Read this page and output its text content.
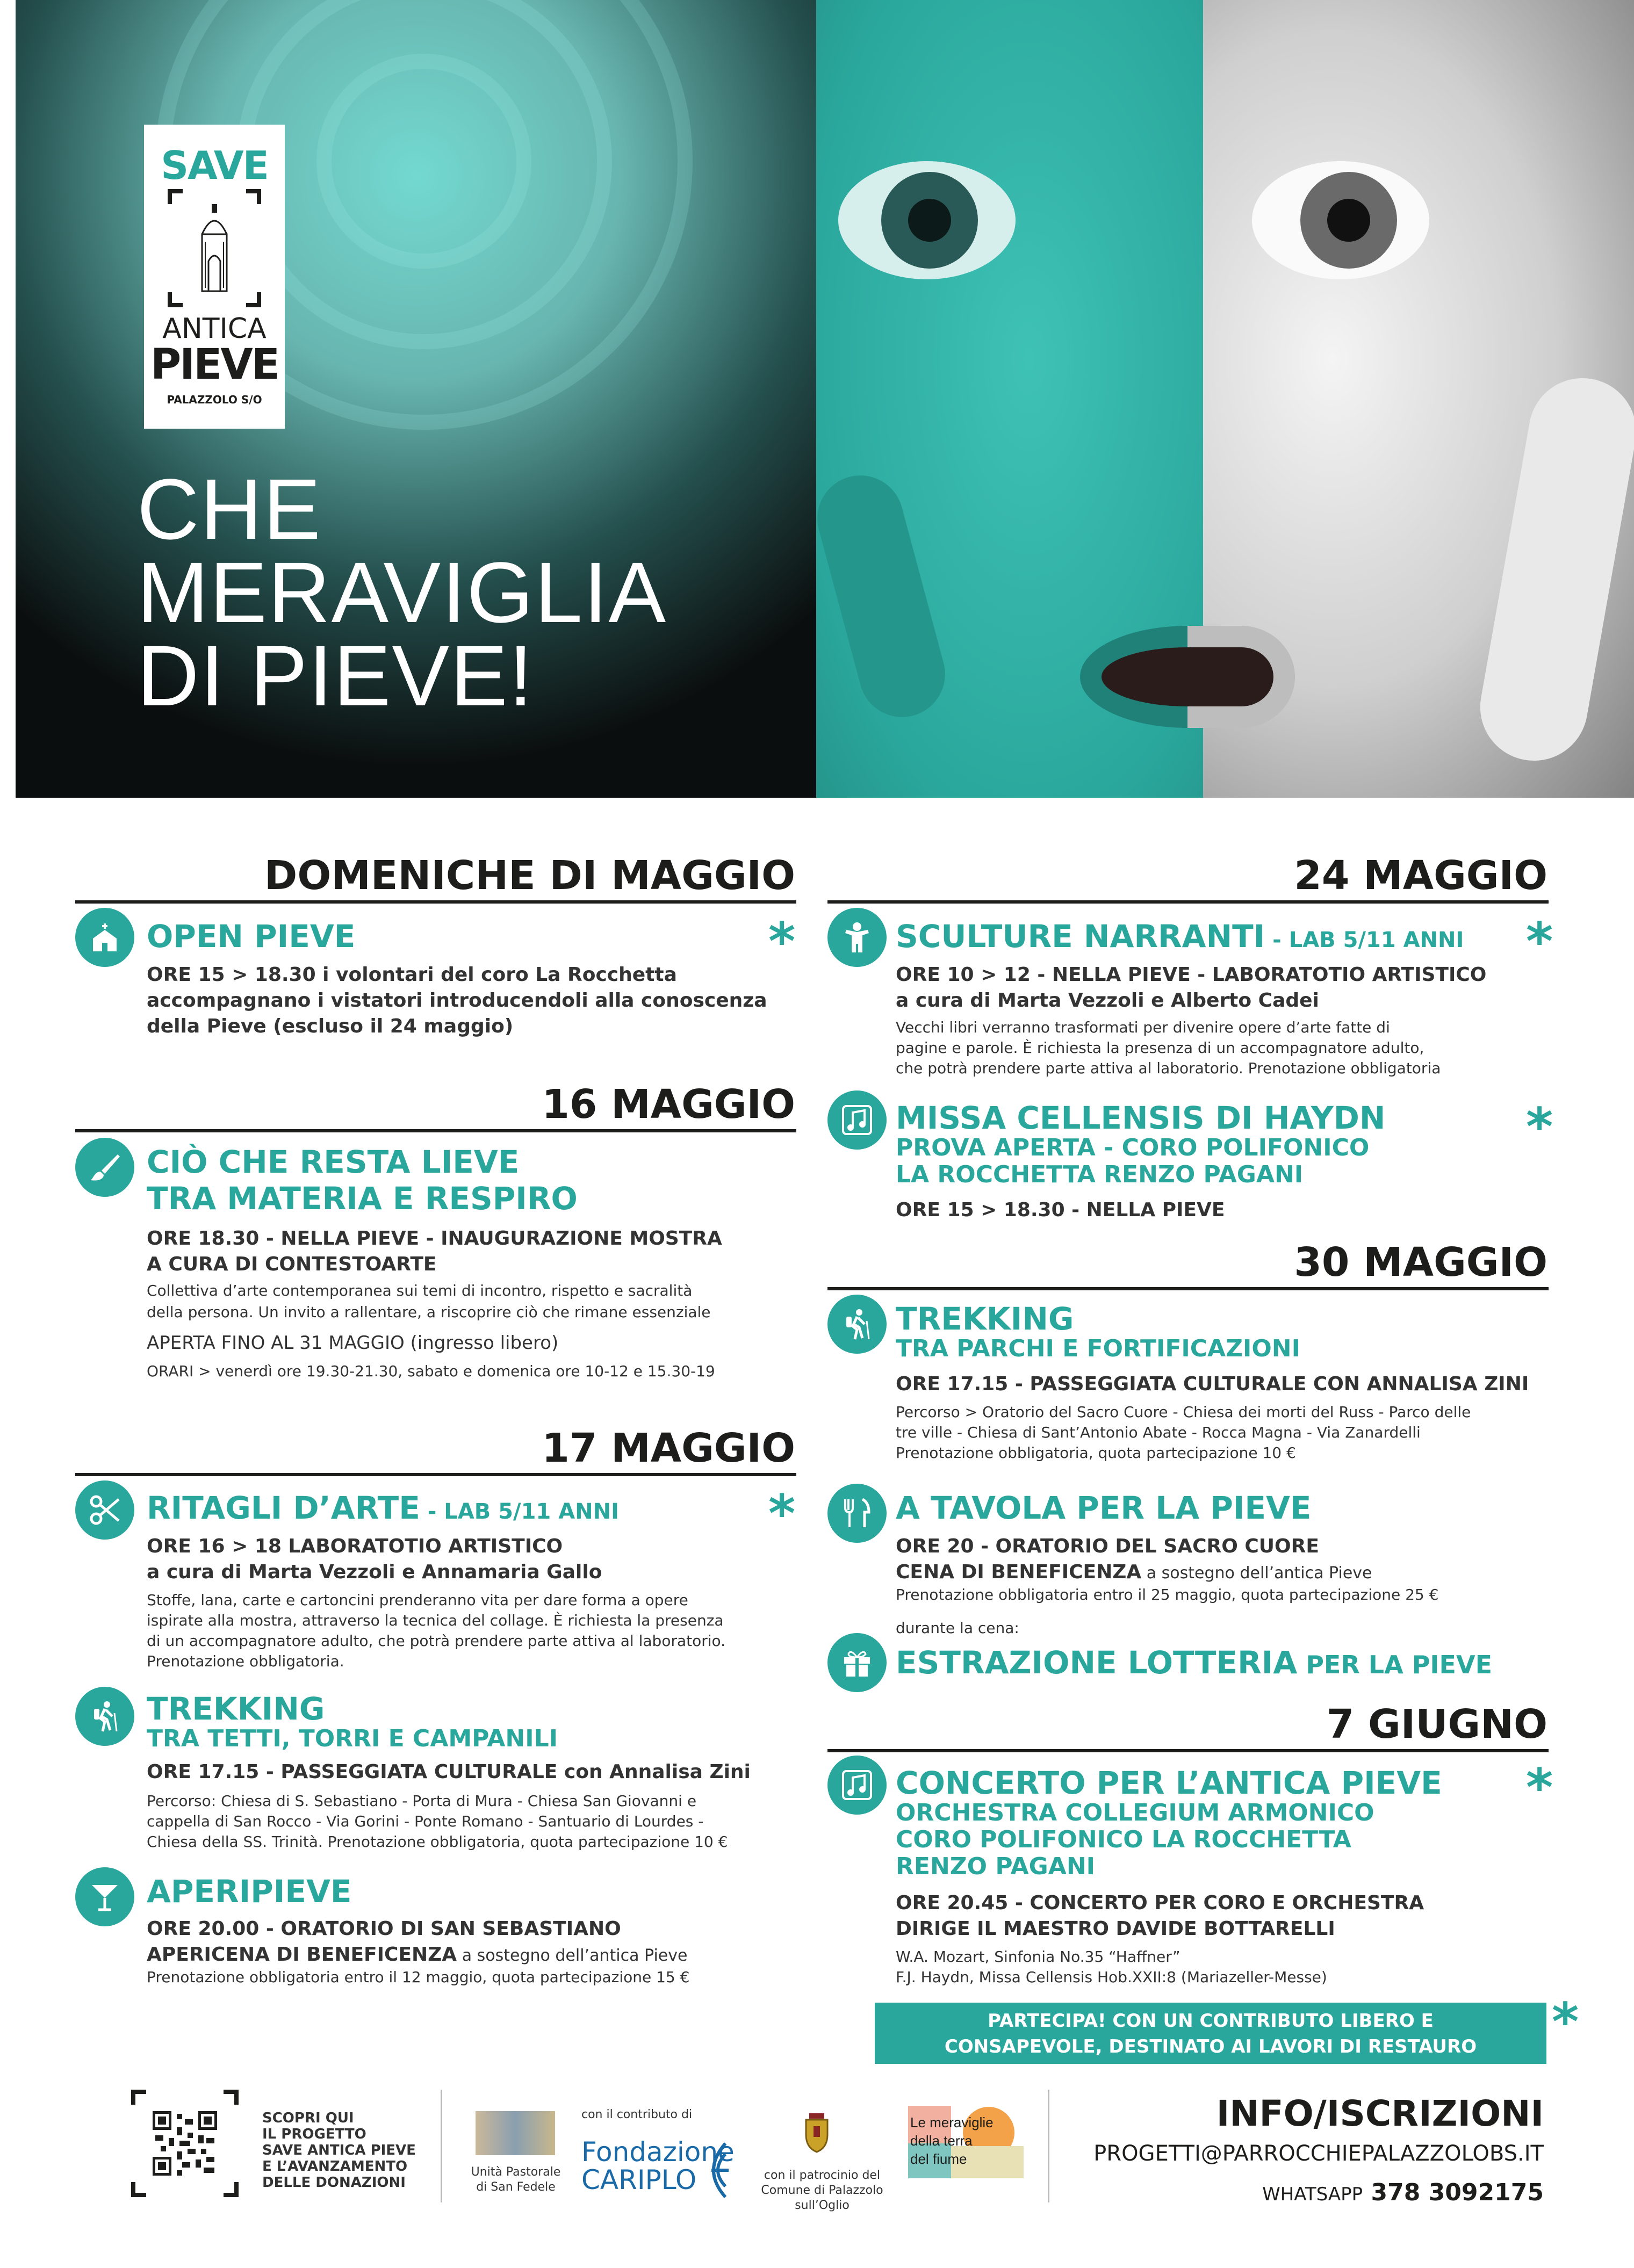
SAVE
ANTICA
PIEVE
PALAZZOLO S/O
CHE
MERAVIGLIA
DI PIEVE!
DOMENICHE DI MAGGIO
OPEN PIEVE	*
ORE 15 > 18.30 i volontari del coro La Rocchetta
accompagnano i vistatori introducendoli alla conoscenza
della Pieve (escluso il 24 maggio)
16 MAGGIO
CIÒ CHE RESTA LIEVE
TRA MATERIA E RESPIRO
ORE 18.30 - NELLA PIEVE - INAUGURAZIONE MOSTRA
A CURA DI CONTESTOARTE
Collettiva d’arte contemporanea sui temi di incontro, rispetto e sacralità
della persona. Un invito a rallentare, a riscoprire ciò che rimane essenziale
APERTA FINO AL 31 MAGGIO (ingresso libero)
ORARI > venerdì ore 19.30-21.30, sabato e domenica ore 10-12 e 15.30-19
17 MAGGIO
RITAGLI D’ARTE - LAB 5/11 ANNI	*
ORE 16 > 18 LABORATOTIO ARTISTICO
a cura di Marta Vezzoli e Annamaria Gallo
Stoffe, lana, carte e cartoncini prenderanno vita per dare forma a opere
ispirate alla mostra, attraverso la tecnica del collage. È richiesta la presenza
di un accompagnatore adulto, che potrà prendere parte attiva al laboratorio.
Prenotazione obbligatoria.
TREKKING
TRA TETTI, TORRI E CAMPANILI
ORE 17.15 - PASSEGGIATA CULTURALE con Annalisa Zini
Percorso: Chiesa di S. Sebastiano - Porta di Mura - Chiesa San Giovanni e
cappella di San Rocco - Via Gorini - Ponte Romano - Santuario di Lourdes -
Chiesa della SS. Trinità. Prenotazione obbligatoria, quota partecipazione 10 €
APERIPIEVE
ORE 20.00 - ORATORIO DI SAN SEBASTIANO
APERICENA DI BENEFICENZA a sostegno dell’antica Pieve
Prenotazione obbligatoria entro il 12 maggio, quota partecipazione 15 €
24 MAGGIO
SCULTURE NARRANTI - LAB 5/11 ANNI *
ORE 10 > 12 - NELLA PIEVE - LABORATOTIO ARTISTICO
a cura di Marta Vezzoli e Alberto Cadei
Vecchi libri verranno trasformati per divenire opere d’arte fatte di
pagine e parole. È richiesta la presenza di un accompagnatore adulto,
che potrà prendere parte attiva al laboratorio. Prenotazione obbligatoria
MISSA CELLENSIS DI HAYDN	*
PROVA APERTA - CORO POLIFONICO
LA ROCCHETTA RENZO PAGANI
ORE 15 > 18.30 - NELLA PIEVE
30 MAGGIO
TREKKING
TRA PARCHI E FORTIFICAZIONI
ORE 17.15 - PASSEGGIATA CULTURALE CON ANNALISA ZINI
Percorso > Oratorio del Sacro Cuore - Chiesa dei morti del Russ - Parco delle
tre ville - Chiesa di Sant’Antonio Abate - Rocca Magna - Via Zanardelli
Prenotazione obbligatoria, quota partecipazione 10 €
A TAVOLA PER LA PIEVE
ORE 20 - ORATORIO DEL SACRO CUORE
CENA DI BENEFICENZA a sostegno dell’antica Pieve
Prenotazione obbligatoria entro il 25 maggio, quota partecipazione 25 €
durante la cena:
ESTRAZIONE LOTTERIA PER LA PIEVE
7 GIUGNO
CONCERTO PER L’ANTICA PIEVE *
ORCHESTRA COLLEGIUM ARMONICO
CORO POLIFONICO LA ROCCHETTA
RENZO PAGANI
ORE 20.45 - CONCERTO PER CORO E ORCHESTRA
DIRIGE IL MAESTRO DAVIDE BOTTARELLI
W.A. Mozart, Sinfonia No.35 “Haffner”
F.J. Haydn, Missa Cellensis Hob.XXII:8 (Mariazeller-Messe)
PARTECIPA! CON UN CONTRIBUTO LIBERO E
CONSAPEVOLE, DESTINATO AI LAVORI DI RESTAURO	*
SCOPRI QUI
IL PROGETTO
SAVE ANTICA PIEVE
E L’AVANZAMENTO
DELLE DONAZIONI
Unità Pastorale
di San Fedele
con il contributo di
Fondazione
CARIPLO	con il patrocinio del
Comune di Palazzolo sull’Oglio
Le meraviglie
della terra
del fiume
INFO/ISCRIZIONI
PROGETTI@PARROCCHIEPALAZZOLOBS.IT
WHATSAPP 378 3092175
